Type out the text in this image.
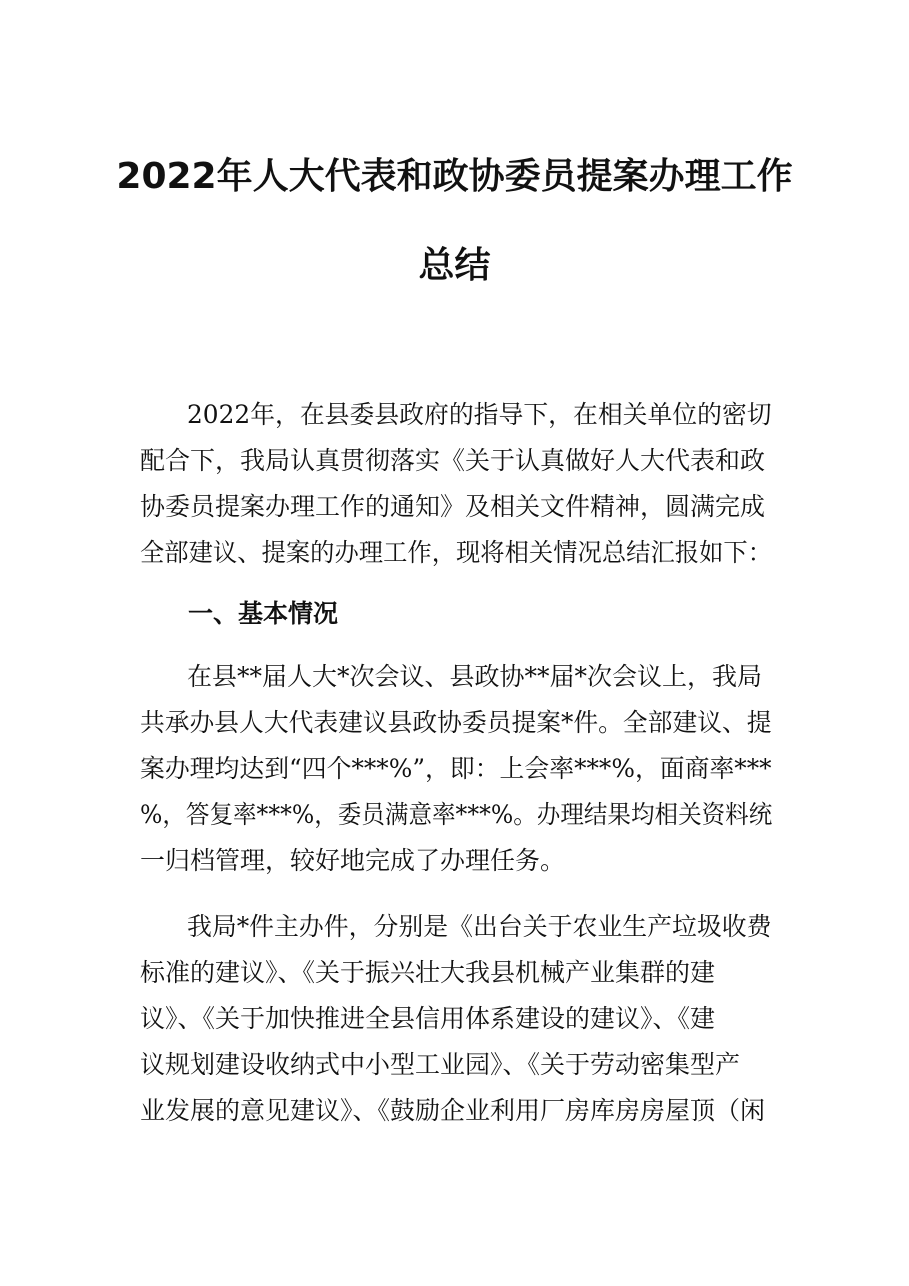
2022年人大代表和政协委员提案办理工作
总结
2022年，在县委县政府的指导下，在相关单位的密切
配合下，我局认真贯彻落实《关于认真做好人大代表和政
协委员提案办理工作的通知》及相关文件精神，圆满完成
全部建议、提案的办理工作，现将相关情况总结汇报如下：
一、基本情况
在县**届人大*次会议、县政协**届*次会议上，我局
共承办县人大代表建议县政协委员提案*件。全部建议、提
案办理均达到“四个***%”，即：上会率***%，面商率***
%，答复率***%，委员满意率***%。办理结果均相关资料统
一归档管理，较好地完成了办理任务。
我局*件主办件，分别是《出台关于农业生产垃圾收费
标准的建议》、《关于振兴壮大我县机械产业集群的建
议》、《关于加快推进全县信用体系建设的建议》、《建
议规划建设收纳式中小型工业园》、《关于劳动密集型产
业发展的意见建议》、《鼓励企业利用厂房库房房屋顶（闲
